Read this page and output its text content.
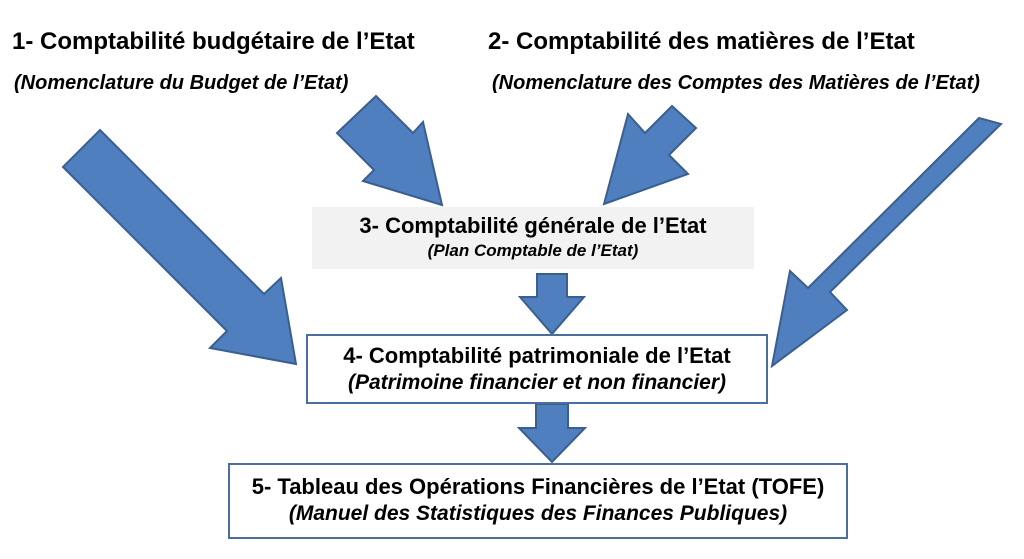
1- Comptabilité budgétaire de l’Etat
(Nomenclature du Budget de l’Etat)
2- Comptabilité des matières de l’Etat
(Nomenclature des Comptes des Matières de l’Etat)
3- Comptabilité générale de l’Etat
(Plan Comptable de l’Etat)
4- Comptabilité patrimoniale de l’Etat
(Patrimoine financier et non financier)
5- Tableau des Opérations Financières de l’Etat (TOFE)
(Manuel des Statistiques des Finances Publiques)
